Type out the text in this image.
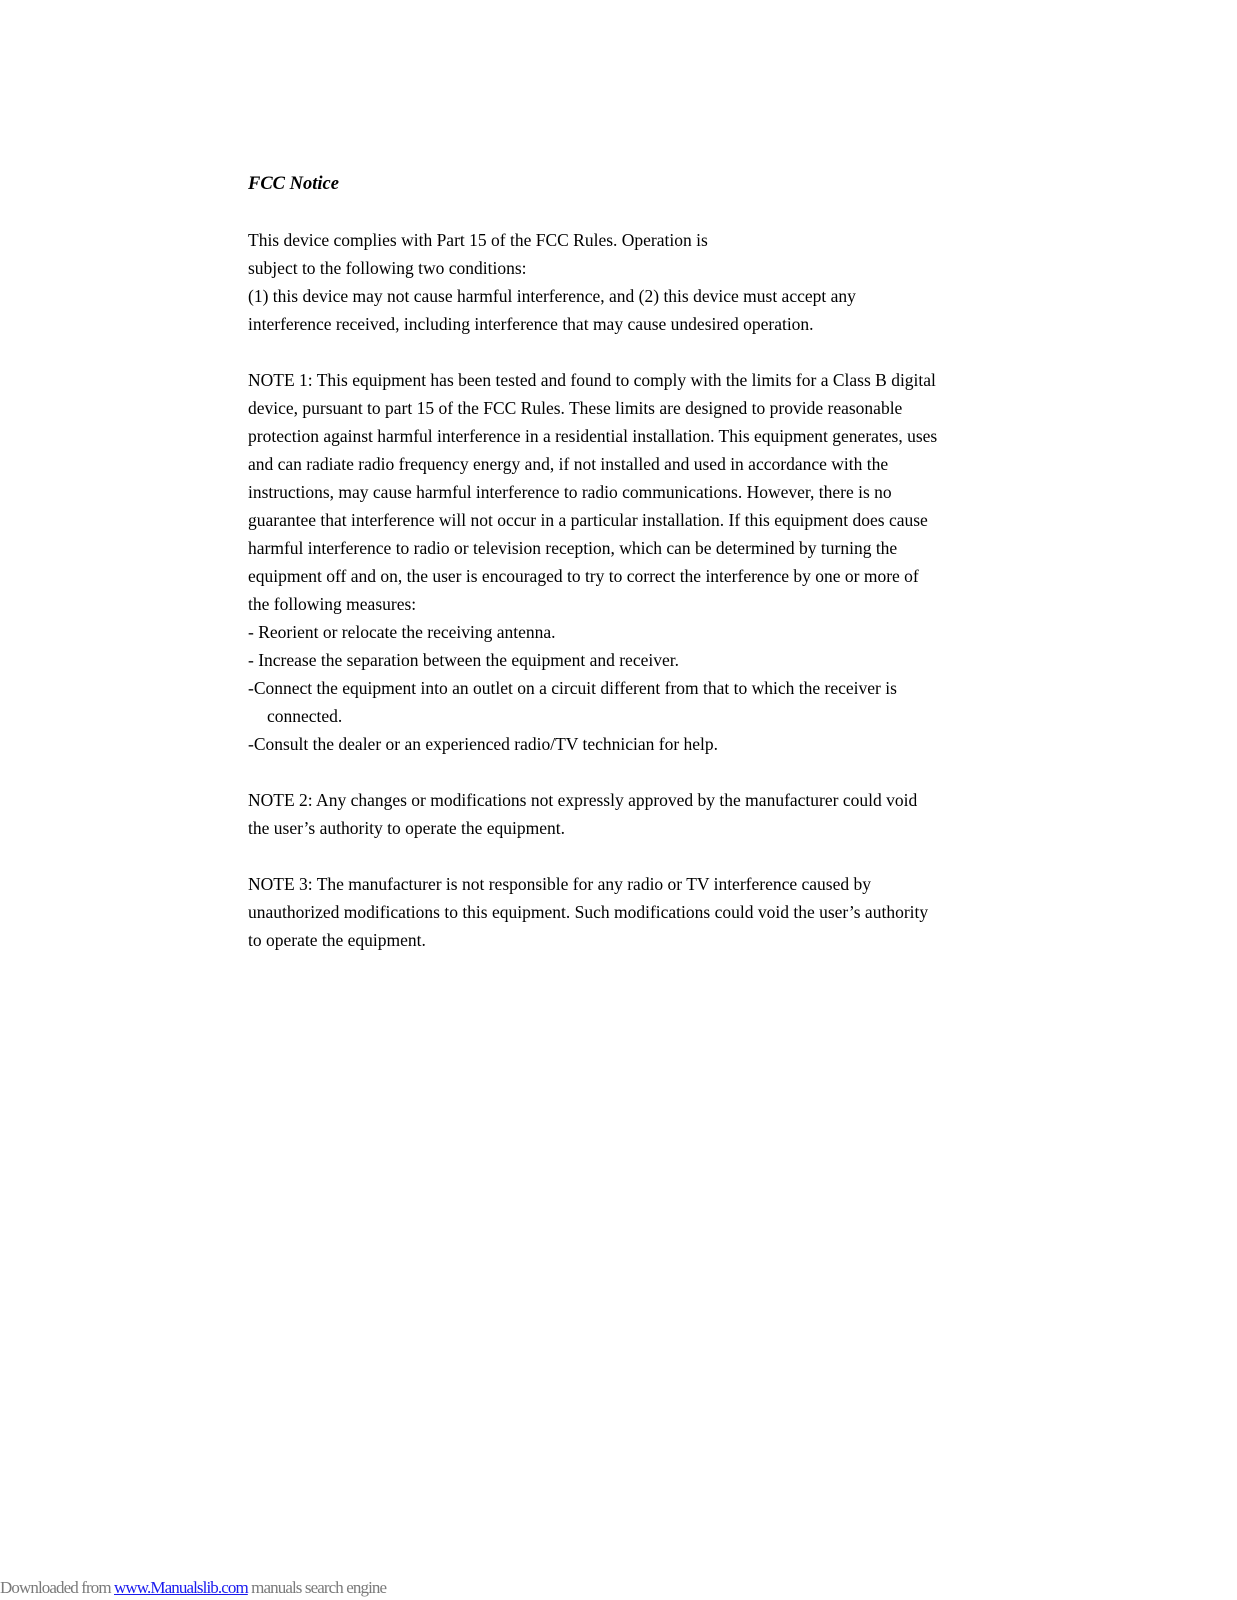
FCC Notice
This device complies with Part 15 of the FCC Rules. Operation is
subject to the following two conditions:
(1) this device may not cause harmful interference, and (2) this device must accept any
interference received, including interference that may cause undesired operation.
NOTE 1: This equipment has been tested and found to comply with the limits for a Class B digital
device, pursuant to part 15 of the FCC Rules. These limits are designed to provide reasonable
protection against harmful interference in a residential installation. This equipment generates, uses
and can radiate radio frequency energy and, if not installed and used in accordance with the
instructions, may cause harmful interference to radio communications. However, there is no
guarantee that interference will not occur in a particular installation. If this equipment does cause
harmful interference to radio or television reception, which can be determined by turning the
equipment off and on, the user is encouraged to try to correct the interference by one or more of
the following measures:
- Reorient or relocate the receiving antenna.
- Increase the separation between the equipment and receiver.
-Connect the equipment into an outlet on a circuit different from that to which the receiver is
connected.
-Consult the dealer or an experienced radio/TV technician for help.
NOTE 2: Any changes or modifications not expressly approved by the manufacturer could void
the user’s authority to operate the equipment.
NOTE 3: The manufacturer is not responsible for any radio or TV interference caused by
unauthorized modifications to this equipment. Such modifications could void the user’s authority
to operate the equipment.
Downloaded from www.Manualslib.com manuals search engine
